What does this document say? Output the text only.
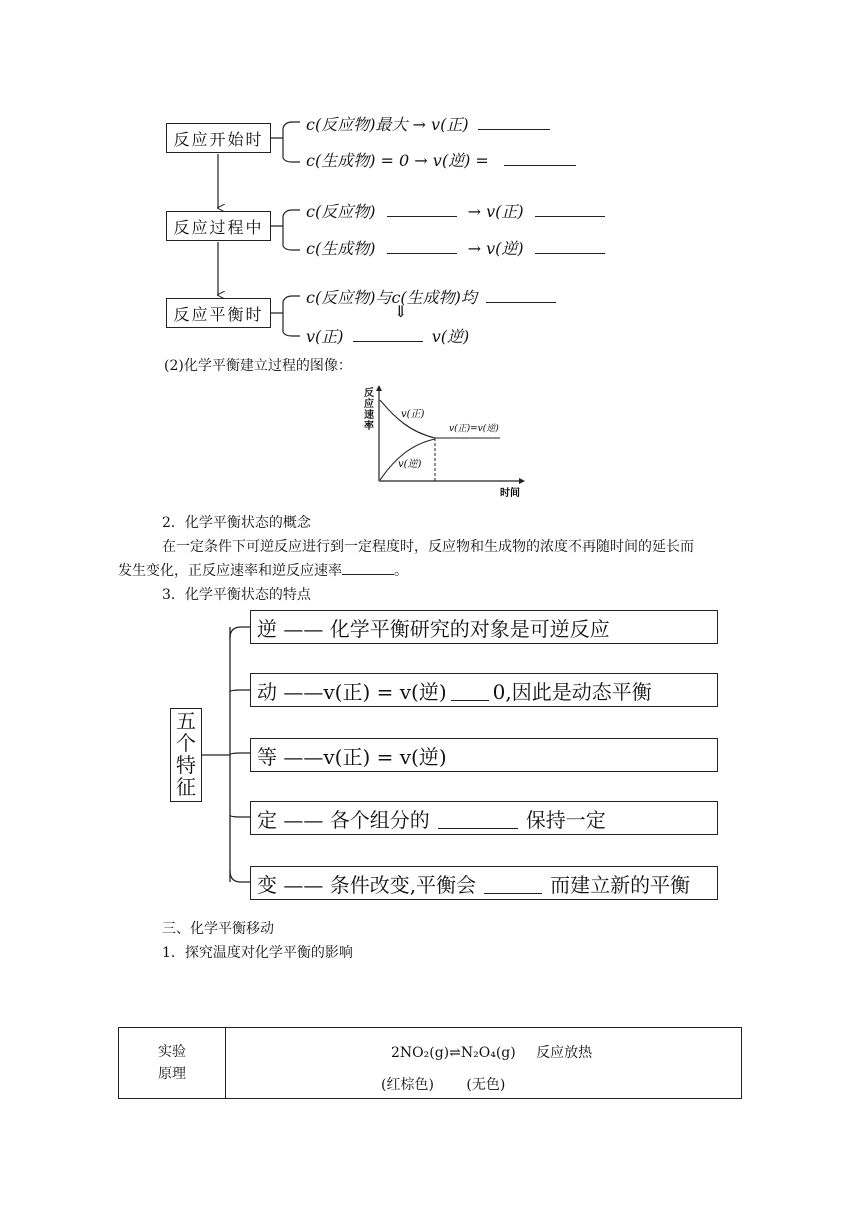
反应开始时
反应过程中
反应平衡时
c(反应物)最大 → v(正)
c(生成物) = 0 → v(逆) =
c(反应物)	→ v(正)
c(生成物)	→ v(逆)
c(反应物)与c(生成物)均
⇓
v(正)	v(逆)
(2)化学平衡建立过程的图像：
v(正)
v(逆)
v(正)=v(逆)
时间
反应速率
2．化学平衡状态的概念
在一定条件下可逆反应进行到一定程度时，反应物和生成物的浓度不再随时间的延长而
发生变化，正反应速率和逆反应速率	。
3．化学平衡状态的特点
五个特征
逆 —— 化学平衡研究的对象是可逆反应
动 ——v(正) = v(逆) 0,因此是动态平衡
等 ——v(正) = v(逆)
定 —— 各个组分的	保持一定
变 —— 条件改变,平衡会	而建立新的平衡
三、化学平衡移动
1．探究温度对化学平衡的影响
实验
原理

2NO₂(g)⇌N₂O₄(g) 反应放热
(红棕色) (无色)
